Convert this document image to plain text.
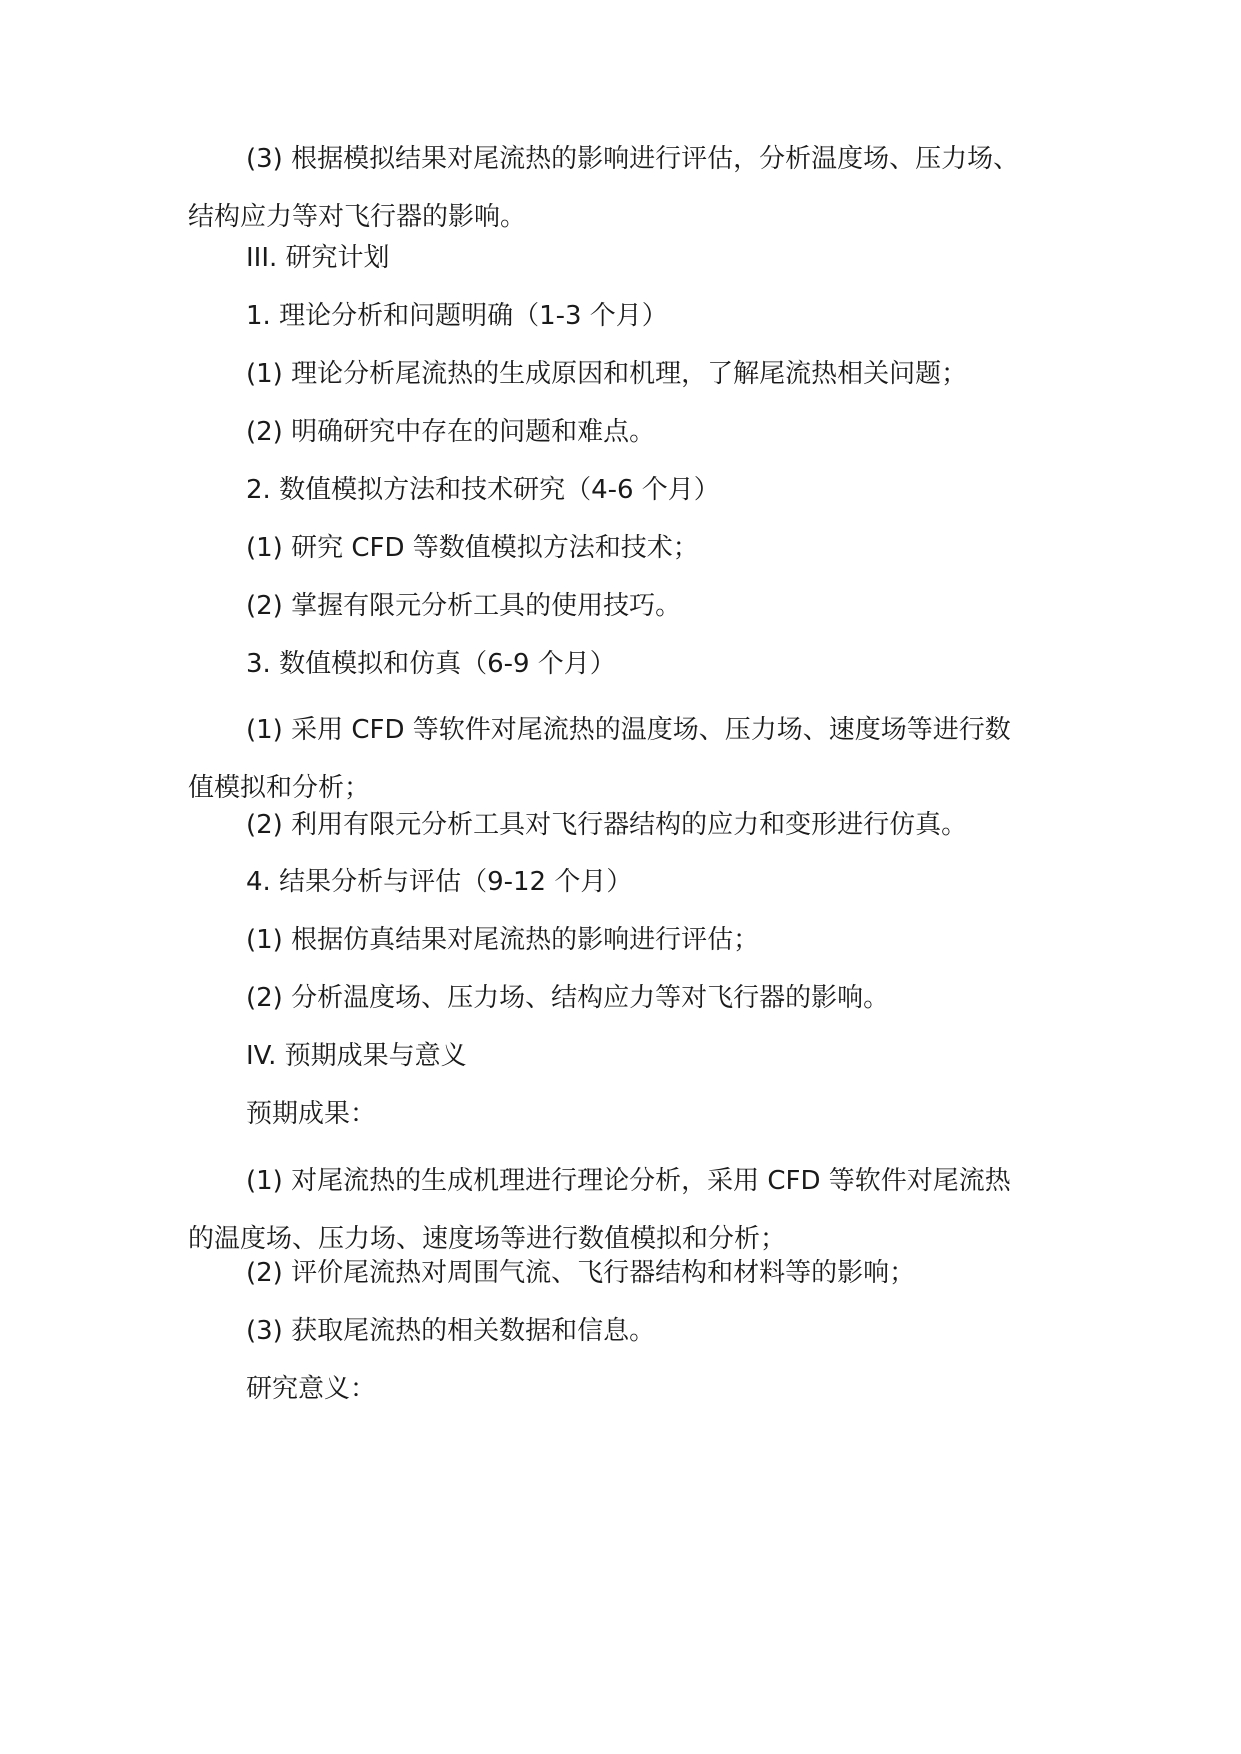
(3) 根据模拟结果对尾流热的影响进行评估，分析温度场、压力场、
结构应力等对飞行器的影响。

III. 研究计划

1. 理论分析和问题明确（1-3 个月）

(1) 理论分析尾流热的生成原因和机理，了解尾流热相关问题；

(2) 明确研究中存在的问题和难点。

2. 数值模拟方法和技术研究（4-6 个月）

(1) 研究 CFD 等数值模拟方法和技术；

(2) 掌握有限元分析工具的使用技巧。

3. 数值模拟和仿真（6-9 个月）

(1) 采用 CFD 等软件对尾流热的温度场、压力场、速度场等进行数
值模拟和分析；

(2) 利用有限元分析工具对飞行器结构的应力和变形进行仿真。

4. 结果分析与评估（9-12 个月）

(1) 根据仿真结果对尾流热的影响进行评估；

(2) 分析温度场、压力场、结构应力等对飞行器的影响。

IV. 预期成果与意义

预期成果：

(1) 对尾流热的生成机理进行理论分析，采用 CFD 等软件对尾流热
的温度场、压力场、速度场等进行数值模拟和分析；

(2) 评价尾流热对周围气流、飞行器结构和材料等的影响；

(3) 获取尾流热的相关数据和信息。

研究意义：
